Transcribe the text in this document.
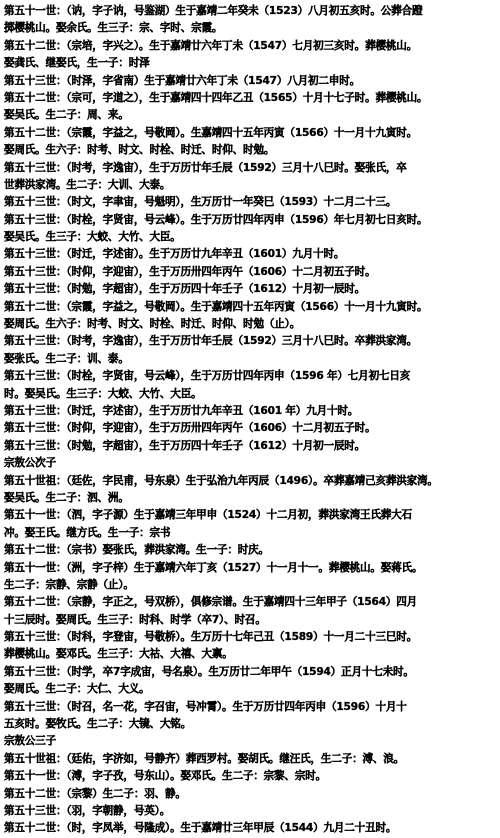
第五十一世：（讷，字子讷，号鉴湖）生于嘉靖二年癸未（1523）八月初五亥时。公葬合蹬
掷樱桃山。娶余氏。生三子：宗、字时、宗霞。
第五十二世：（宗培，字兴之）。生于嘉靖廿六年丁未（1547）七月初三亥时。葬樱桃山。
娶龚氏、继娶氏，生一子：时泽
第五十三世：（时泽，字省南）生于嘉靖廿六年丁未（1547）八月初二申时。
第五十二世：（宗可，字道之），生于嘉靖四十四年乙丑（1565）十月十七子时。葬樱桃山。
娶吴氏。生二子：周、来。
第五十二世：（宗霞，字益之，号敬岡）。生嘉靖四十五年丙寅（1566）十一月十九寅时。
娶周氏。生六子：时考、时文、时栓、时迁、时仰、时勉。
第五十三世：（时考，字逸宙），生于万历廿年壬辰（1592）三月十八巳时。娶张氏，卒
世葬洪家湾。生二子：大训、大泰。
第五十三世：（时文，字聿宙，号魁明），生万历廿一年癸巳（1593）十二月二十三。
第五十三世：（时栓，字贤宙，号云峰）。生于万历廿四年丙申（1596）年七月初七日亥时。
娶吴氏。生三子：大蛟、大竹、大臣。
第五十三世：（时迁，字述宙）。生于万历廿九年辛丑（1601）九月十时。
第五十三世：（时仰，字迎宙），生于万历卅四年丙午（1606）十二月初五子时。
第五十三世：（时勉，字超宙），生于万历四十年壬子（1612）十月初一辰时。
第五十二世：（宗霞，字益之，号敬岡）。生于嘉靖四十五年丙寅（1566）十一月十九寅时。
娶周氏。生六子：时考、时文、时栓、时迁、时仰、时勉（止）。
第五十三世：（时考，字逸宙），生于万历廿年壬辰（1592）三月十八巳时。卒葬洪家湾。
娶张氏。生二子：训、泰。
第五十三世：（时栓，字贤宙，号云峰），生于万历廿四年丙申（1596 年）七月初七日亥
时。娶吴氏。生三子：大蛟、大竹、大臣。
第五十三世：（时迁，字述宙），生于万历廿九年辛丑（1601 年）九月十时。
第五十三世：（时仰，字迎宙），生于万历卅四年丙午（1606）十二月初五子时。
第五十三世：（时勉，字超宙），生于万历四十年壬子（1612）十月初一辰时。
宗敖公次子
第五十世祖：（廷佐，字民甫，号东泉）生于弘治九年丙辰（1496）。卒葬嘉靖己亥葬洪家湾。
娶吴氏。生二子：泗、洲。
第五十一世：（泗，字子源）生于嘉靖三年甲申（1524）十二月初，葬洪家湾王氏葬大石
冲。娶王氏。继方氏。生一子：宗书
第五十二世：（宗书）娶张氏，葬洪家湾。生一子：时庆。
第五十一世：（洲，字子梓）生于嘉靖六年丁亥（1527）十一月十一。葬樱桃山。娶蒋氏。
生二子：宗静、宗静（止）。
第五十二世：（宗静，字正之，号双桥），俱修宗谱。生于嘉靖四十三年甲子（1564）四月
十三辰时。娶周氏。生三子：时科、时学（卒7）、时召。
第五十三世：（时科，字登宙，号敬桥）。生万历十七年己丑（1589）十一月二十三巳时。
葬樱桃山。娶邓氏。生三子：大祜、大禧、大禀。
第五十三世：（时学，卒7字成宙，号名泉）。生万历廿二年甲午（1594）正月十七未时。
娶周氏。生二子：大仁、大义。
第五十三世：（时召，名一花，字召宙，号冲霄）。生于万历廿四年丙申（1596）十月十
五亥时。娶牧氏。生二子：大镜、大铭。
宗敖公三子
第五十世祖：（廷佑，字济如，号静齐）葬西罗村。娶胡氏。继汪氏，生二子：溥、浪。
第五十一世：（溥，字子孜，号东山）。娶邓氏。生二子：宗黎、宗时。
第五十二世：（宗黎）生二子：羽、静。
第五十三世：（羽，字朝静，号英）。
第五十二世：（时，字凤举，号隆成）。生于嘉靖廿三年甲辰（1544）九月二十丑时。
